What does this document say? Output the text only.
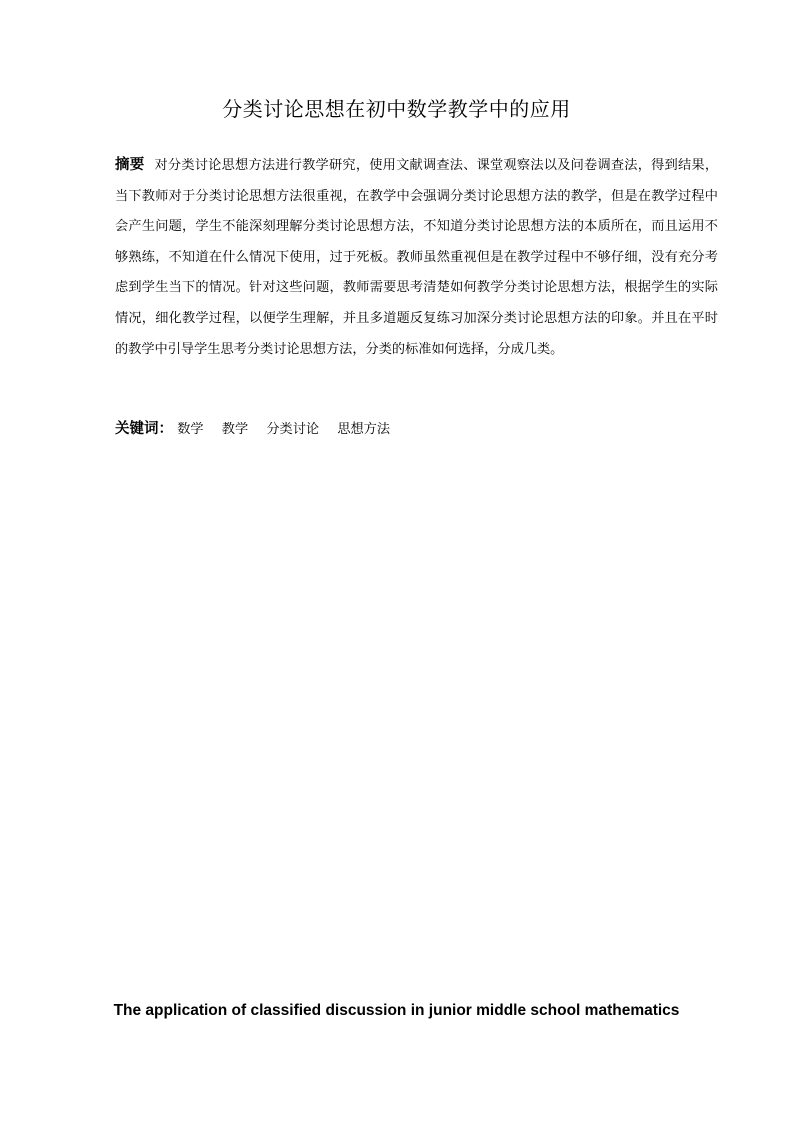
分类讨论思想在初中数学教学中的应用
摘要 对分类讨论思想方法进行教学研究，使用文献调查法、课堂观察法以及问卷调查法，得到结果，当下教师对于分类讨论思想方法很重视，在教学中会强调分类讨论思想方法的教学，但是在教学过程中会产生问题，学生不能深刻理解分类讨论思想方法，不知道分类讨论思想方法的本质所在，而且运用不够熟练，不知道在什么情况下使用，过于死板。教师虽然重视但是在教学过程中不够仔细，没有充分考虑到学生当下的情况。针对这些问题，教师需要思考清楚如何教学分类讨论思想方法，根据学生的实际情况，细化教学过程，以便学生理解，并且多道题反复练习加深分类讨论思想方法的印象。并且在平时的教学中引导学生思考分类讨论思想方法，分类的标准如何选择，分成几类。
关键词： 数学 教学 分类讨论 思想方法
The application of classified discussion in junior middle school mathematics
